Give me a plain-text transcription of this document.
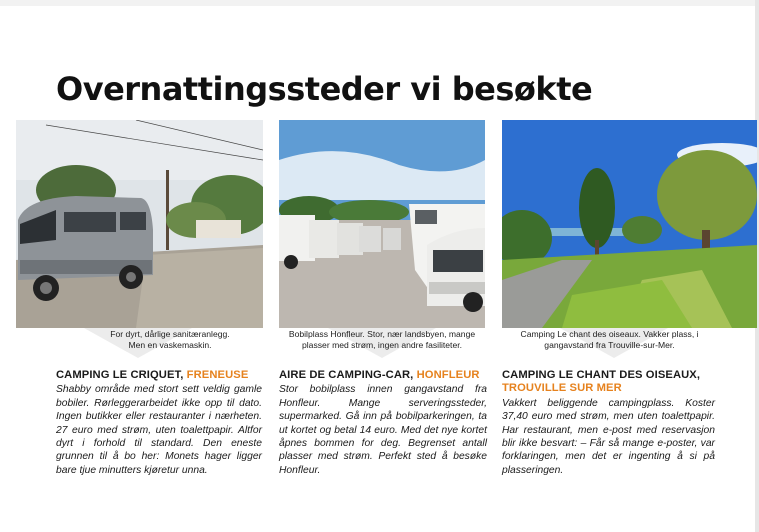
Overnattingssteder vi besøkte
For dyrt, dårlige sanitæranlegg.
Men en vaskemaskin.
Bobilplass Honfleur. Stor, nær landsbyen, mange
plasser med strøm, ingen andre fasiliteter.
Camping Le chant des oiseaux. Vakker plass, i
gangavstand fra Trouville-sur-Mer.
CAMPING LE CRIQUET, FRENEUSE
Shabby område med stort sett veldig gamle bobiler. Rørleggerarbeidet ikke opp til dato. Ingen butikker eller restauranter i nærheten. 27 euro med strøm, uten toalettpapir. Altfor dyrt i forhold til standard. Den eneste grunnen til å bo her: Monets hager ligger bare tjue minutters kjøretur unna.
AIRE DE CAMPING-CAR, HONFLEUR
Stor bobilplass innen gangavstand fra Honfleur. Mange serveringssteder, supermarked. Gå inn på bobilparkeringen, ta ut kortet og betal 14 euro. Med det nye kortet åpnes bommen for deg. Begrenset antall plasser med strøm. Perfekt sted å besøke Honfleur.
CAMPING LE CHANT DES OISEAUX,
TROUVILLE SUR MER
Vakkert beliggende campingplass. Koster 37,40 euro med strøm, men uten toalettpapir. Har restaurant, men e-post med reservasjon blir ikke besvart: – Får så mange e-poster, var forklaringen, men det er ingenting å si på plasseringen.
